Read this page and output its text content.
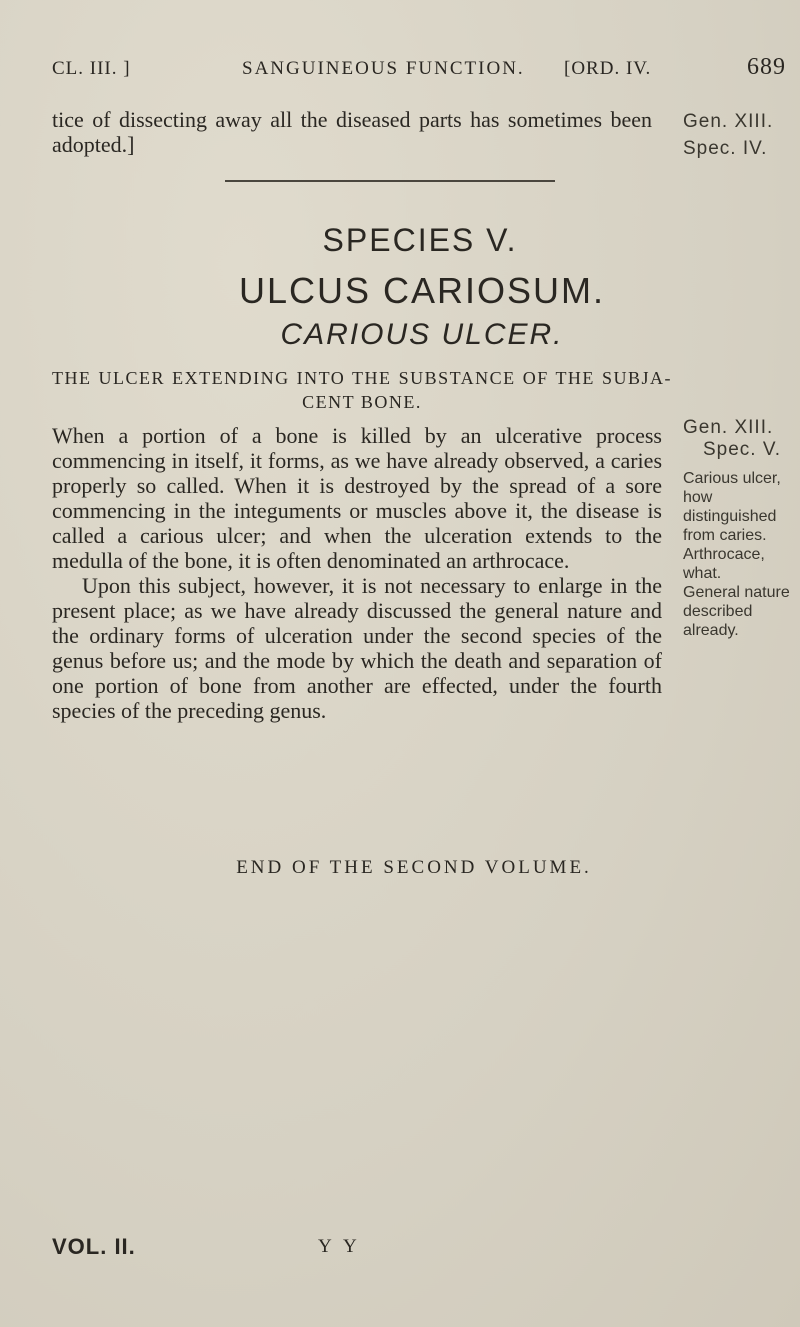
CL. III. ]	SANGUINEOUS FUNCTION. [ORD. IV.	689

tice of dissecting away all the diseased parts has sometimes been adopted.]

Gen. XIII.
Spec. IV.
SPECIES V.
ULCUS CARIOSUM.
CARIOUS ULCER.
THE ULCER EXTENDING INTO THE SUBSTANCE OF THE SUBJA-
CENT BONE.

When a portion of a bone is killed by an ulcerative process commencing in itself, it forms, as we have already observed, a caries properly so called. When it is destroyed by the spread of a sore commencing in the integuments or muscles above it, the disease is called a carious ulcer; and when the ulceration extends to the medulla of the bone, it is often denominated an arthrocace.

Upon this subject, however, it is not necessary to enlarge in the present place; as we have already discussed the general nature and the ordinary forms of ulceration under the second species of the genus before us; and the mode by which the death and separation of one portion of bone from another are effected, under the fourth species of the preceding genus.

Gen. XIII.
Spec. V.
Carious ulcer, how distinguished from caries.
Arthrocace, what.
General nature described already.
END OF THE SECOND VOLUME.
VOL. II.	Y Y
